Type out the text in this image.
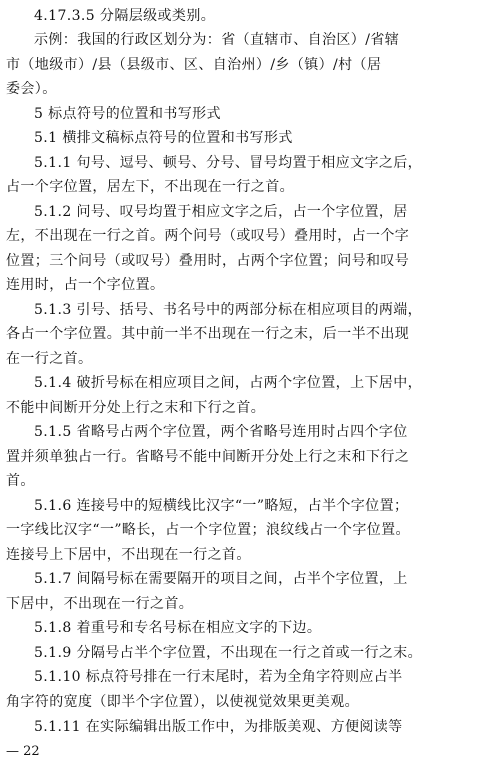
4.17.3.5 分隔层级或类别。
示例：我国的行政区划分为：省（直辖市、自治区）/省辖
市（地级市）/县（县级市、区、自治州）/乡（镇）/村（居
委会）。
5 标点符号的位置和书写形式
5.1 横排文稿标点符号的位置和书写形式
5.1.1 句号、逗号、顿号、分号、冒号均置于相应文字之后，
占一个字位置，居左下，不出现在一行之首。
5.1.2 问号、叹号均置于相应文字之后，占一个字位置，居
左，不出现在一行之首。两个问号（或叹号）叠用时，占一个字
位置；三个问号（或叹号）叠用时，占两个字位置；问号和叹号
连用时，占一个字位置。
5.1.3 引号、括号、书名号中的两部分标在相应项目的两端，
各占一个字位置。其中前一半不出现在一行之末，后一半不出现
在一行之首。
5.1.4 破折号标在相应项目之间，占两个字位置，上下居中，
不能中间断开分处上行之末和下行之首。
5.1.5 省略号占两个字位置，两个省略号连用时占四个字位
置并须单独占一行。省略号不能中间断开分处上行之末和下行之
首。
5.1.6 连接号中的短横线比汉字“一”略短，占半个字位置；
一字线比汉字“一”略长，占一个字位置；浪纹线占一个字位置。
连接号上下居中，不出现在一行之首。
5.1.7 间隔号标在需要隔开的项目之间，占半个字位置，上
下居中，不出现在一行之首。
5.1.8 着重号和专名号标在相应文字的下边。
5.1.9 分隔号占半个字位置，不出现在一行之首或一行之末。
5.1.10 标点符号排在一行末尾时，若为全角字符则应占半
角字符的宽度（即半个字位置），以使视觉效果更美观。
5.1.11 在实际编辑出版工作中，为排版美观、方便阅读等
— 22
